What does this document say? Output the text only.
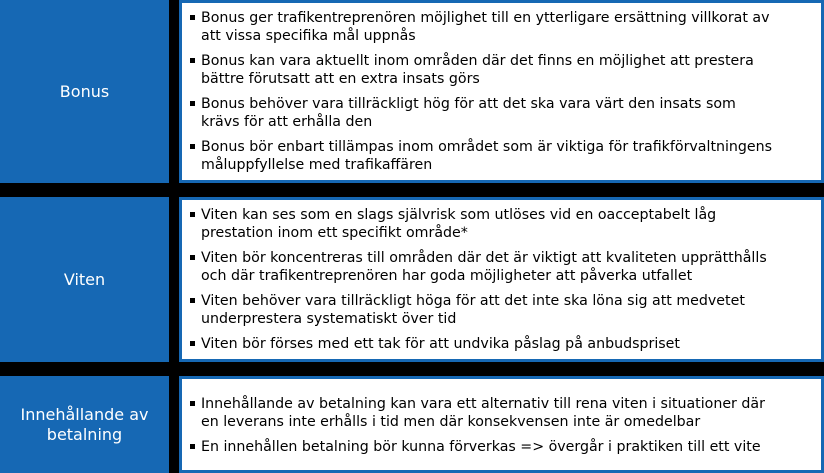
Bonus
Bonus ger trafikentreprenören möjlighet till en ytterligare ersättning villkorat av
att vissa specifika mål uppnås
Bonus kan vara aktuellt inom områden där det finns en möjlighet att prestera
bättre förutsatt att en extra insats görs
Bonus behöver vara tillräckligt hög för att det ska vara värt den insats som
krävs för att erhålla den
Bonus bör enbart tillämpas inom området som är viktiga för trafikförvaltningens
måluppfyllelse med trafikaffären
Viten
Viten kan ses som en slags självrisk som utlöses vid en oacceptabelt låg
prestation inom ett specifikt område*
Viten bör koncentreras till områden där det är viktigt att kvaliteten upprätthålls
och där trafikentreprenören har goda möjligheter att påverka utfallet
Viten behöver vara tillräckligt höga för att det inte ska löna sig att medvetet
underprestera systematiskt över tid
Viten bör förses med ett tak för att undvika påslag på anbudspriset
Innehållande av
betalning
Innehållande av betalning kan vara ett alternativ till rena viten i situationer där
en leverans inte erhålls i tid men där konsekvensen inte är omedelbar
En innehållen betalning bör kunna förverkas => övergår i praktiken till ett vite
